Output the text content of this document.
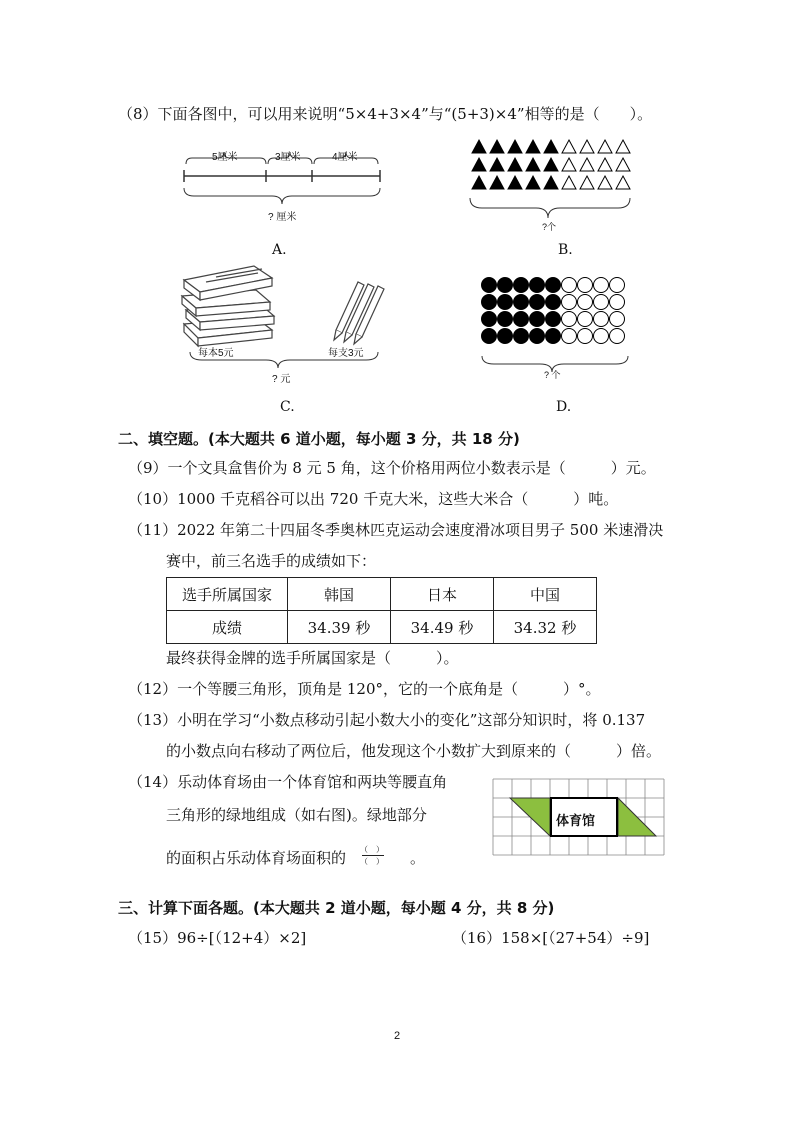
（8）下面各图中，可以用来说明“5×4+3×4”与“(5+3)×4”相等的是（　　）。
5厘米	3厘米	4厘米
? 厘米
A.
?个
B.
每本5元	每支3元
? 元
C.
? 个
D.
二、填空题。(本大题共 6 道小题，每小题 3 分，共 18 分)
（9）一个文具盒售价为 8 元 5 角，这个价格用两位小数表示是（　　　）元。
（10）1000 千克稻谷可以出 720 千克大米，这些大米合（　　　）吨。
（11）2022 年第二十四届冬季奥林匹克运动会速度滑冰项目男子 500 米速滑决
赛中，前三名选手的成绩如下：
选手所属国家	韩国	日本	中国
成绩	34.39 秒	34.49 秒	34.32 秒
最终获得金牌的选手所属国家是（　　　）。
（12）一个等腰三角形，顶角是 120°，它的一个底角是（　　　）°。
（13）小明在学习“小数点移动引起小数大小的变化”这部分知识时，将 0.137
的小数点向右移动了两位后，他发现这个小数扩大到原来的（　　　）倍。
（14）乐动体育场由一个体育馆和两块等腰直角
三角形的绿地组成（如右图)。绿地部分
的面积占乐动体育场面积的	（　）
（　）	。
体育馆
三、计算下面各题。(本大题共 2 道小题，每小题 4 分，共 8 分)
（15）96÷[（12+4）×2]	（16）158×[（27+54）÷9]
2
